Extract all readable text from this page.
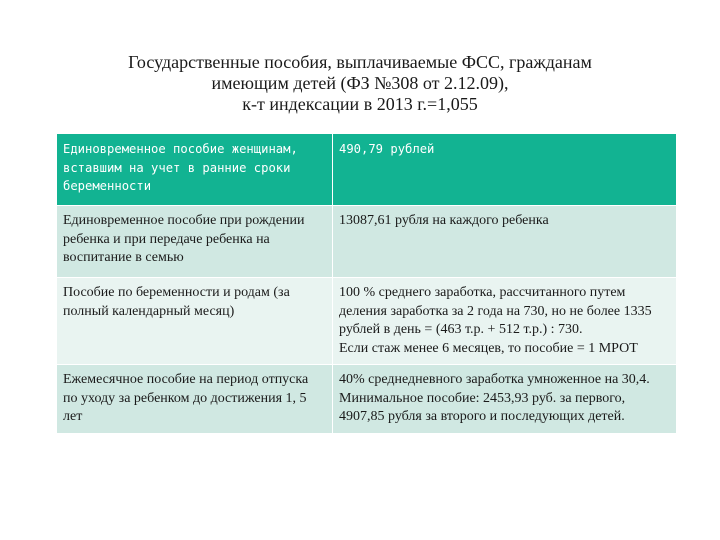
Государственные пособия, выплачиваемые ФСС, гражданам
имеющим детей (ФЗ №308 от 2.12.09),
к-т индексации в 2013 г.=1,055
Единовременное пособие женщинам, вставшим на учет в ранние сроки беременности	490,79 рублей
Единовременное пособие при рождении ребенка и при передаче ребенка на воспитание в семью	13087,61 рубля на каждого ребенка
Пособие по беременности и родам (за полный календарный месяц)	100 % среднего заработка, рассчитанного путем деления заработка за 2 года на 730, но не более 1335 рублей в день = (463 т.р. + 512 т.р.) : 730.
Если стаж менее 6 месяцев, то пособие = 1 МРОТ

Ежемесячное пособие на период отпуска по уходу за ребенком до достижения 1, 5 лет	40% среднедневного заработка умноженное на 30,4. Минимальное пособие: 2453,93 руб. за первого, 4907,85 рубля за второго и последующих детей.
